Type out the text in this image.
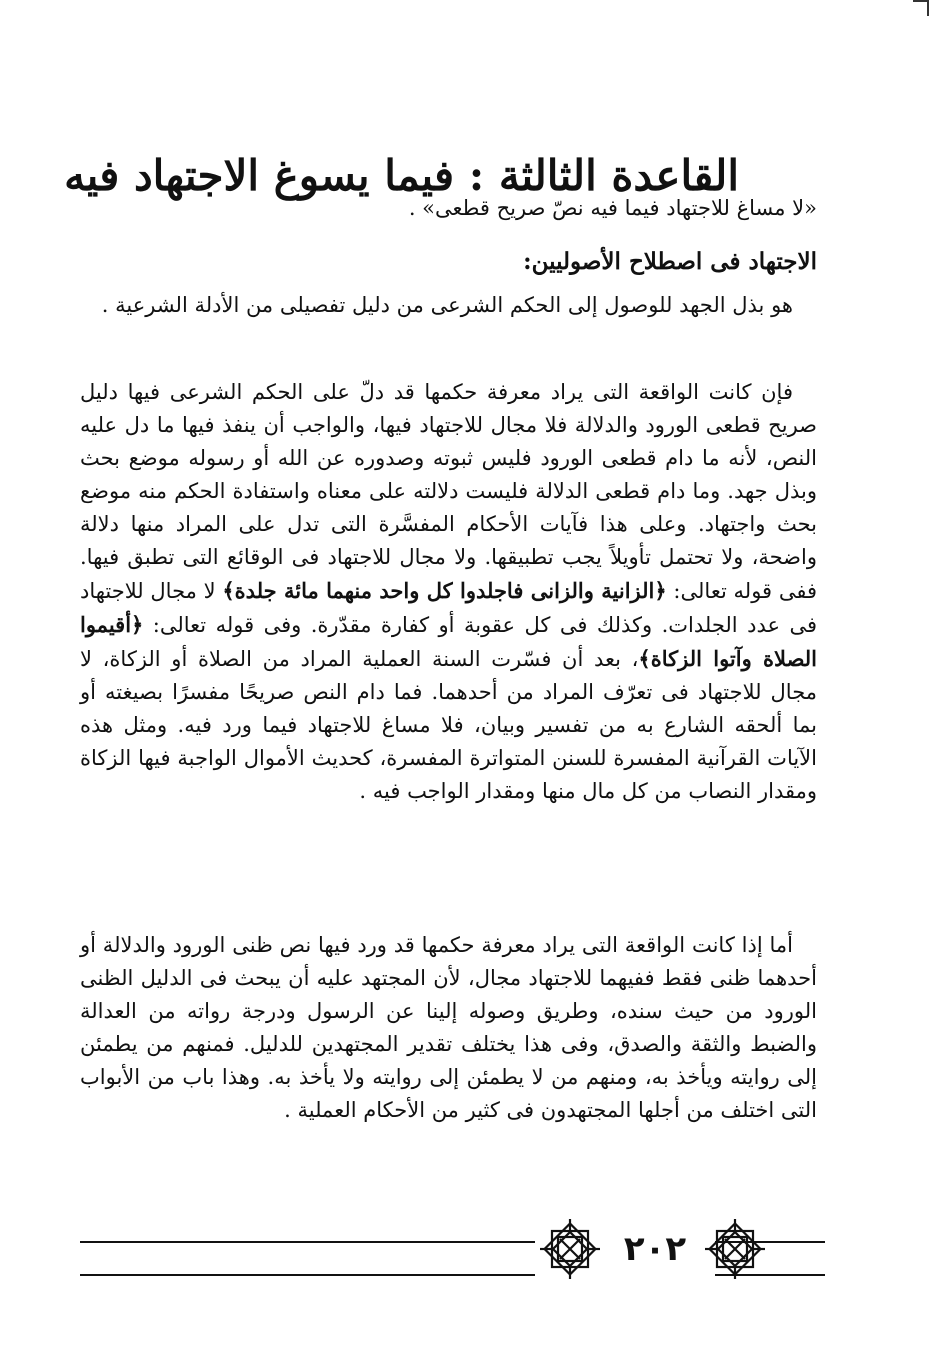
القاعدة الثالثة : فيما يسوغ الاجتهاد فيه
«لا مساغ للاجتهاد فيما فيه نصّ صريح قطعى» .
الاجتهاد فى اصطلاح الأصوليين:

هو بذل الجهد للوصول إلى الحكم الشرعى من دليل تفصيلى من الأدلة الشرعية .

فإن كانت الواقعة التى يراد معرفة حكمها قد دلّ على الحكم الشرعى فيها دليل صريح قطعى الورود والدلالة فلا مجال للاجتهاد فيها، والواجب أن ينفذ فيها ما دل عليه النص، لأنه ما دام قطعى الورود فليس ثبوته وصدوره عن الله أو رسوله موضع بحث وبذل جهد. وما دام قطعى الدلالة فليست دلالته على معناه واستفادة الحكم منه موضع بحث واجتهاد. وعلى هذا فآيات الأحكام المفسَّرة التى تدل على المراد منها دلالة واضحة، ولا تحتمل تأويلاً يجب تطبيقها. ولا مجال للاجتهاد فى الوقائع التى تطبق فيها. ففى قوله تعالى: ﴿الزانية والزانى فاجلدوا كل واحد منهما مائة جلدة﴾ لا مجال للاجتهاد فى عدد الجلدات. وكذلك فى كل عقوبة أو كفارة مقدّرة. وفى قوله تعالى: ﴿أقيموا الصلاة وآتوا الزكاة﴾، بعد أن فسّرت السنة العملية المراد من الصلاة أو الزكاة، لا مجال للاجتهاد فى تعرّف المراد من أحدهما. فما دام النص صريحًا مفسرًا بصيغته أو بما ألحقه الشارع به من تفسير وبيان، فلا مساغ للاجتهاد فيما ورد فيه. ومثل هذه الآيات القرآنية المفسرة للسنن المتواترة المفسرة، كحديث الأموال الواجبة فيها الزكاة ومقدار النصاب من كل مال منها ومقدار الواجب فيه .

أما إذا كانت الواقعة التى يراد معرفة حكمها قد ورد فيها نص ظنى الورود والدلالة أو أحدهما ظنى فقط ففيهما للاجتهاد مجال، لأن المجتهد عليه أن يبحث فى الدليل الظنى الورود من حيث سنده، وطريق وصوله إلينا عن الرسول ودرجة رواته من العدالة والضبط والثقة والصدق، وفى هذا يختلف تقدير المجتهدين للدليل. فمنهم من يطمئن إلى روايته ويأخذ به، ومنهم من لا يطمئن إلى روايته ولا يأخذ به. وهذا باب من الأبواب التى اختلف من أجلها المجتهدون فى كثير من الأحكام العملية .

٢٠٢
